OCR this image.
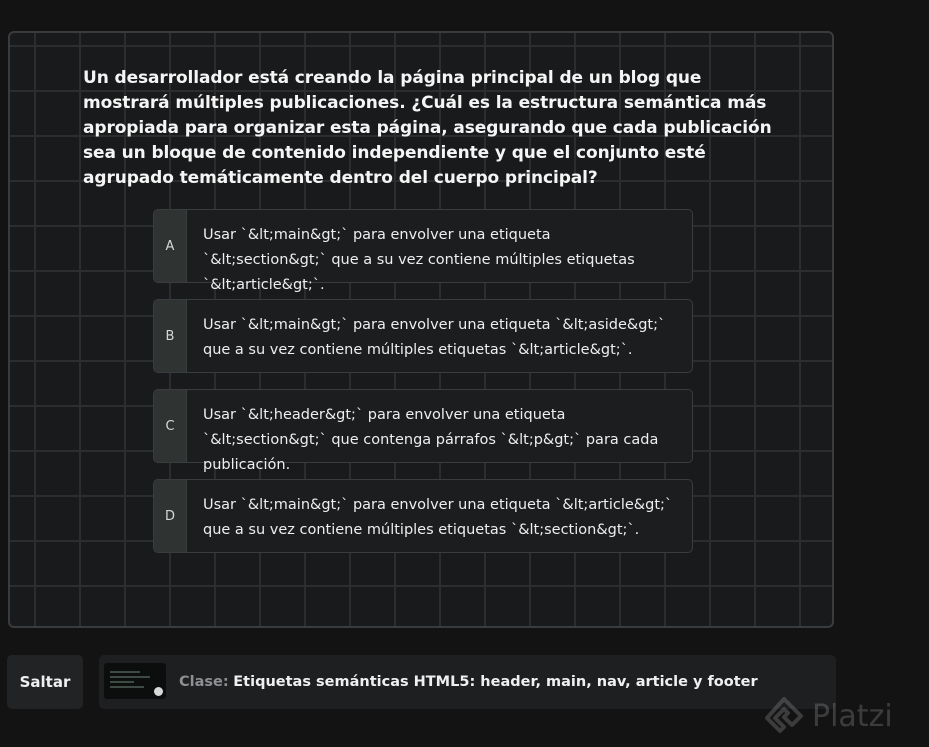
Un desarrollador está creando la página principal de un blog que mostrará múltiples publicaciones. ¿Cuál es la estructura semántica más apropiada para organizar esta página, asegurando que cada publicación sea un bloque de contenido independiente y que el conjunto esté agrupado temáticamente dentro del cuerpo principal?

A
Usar `&lt;main&gt;` para envolver una etiqueta `&lt;section&gt;` que a su vez contiene múltiples etiquetas `&lt;article&gt;`.
B
Usar `&lt;main&gt;` para envolver una etiqueta `&lt;aside&gt;` que a su vez contiene múltiples etiquetas `&lt;article&gt;`.
C
Usar `&lt;header&gt;` para envolver una etiqueta `&lt;section&gt;` que contenga párrafos `&lt;p&gt;` para cada publicación.
D
Usar `&lt;main&gt;` para envolver una etiqueta `&lt;article&gt;` que a su vez contiene múltiples etiquetas `&lt;section&gt;`.
Saltar	Clase: Etiquetas semánticas HTML5: header, main, nav, article y footer
Platzi
